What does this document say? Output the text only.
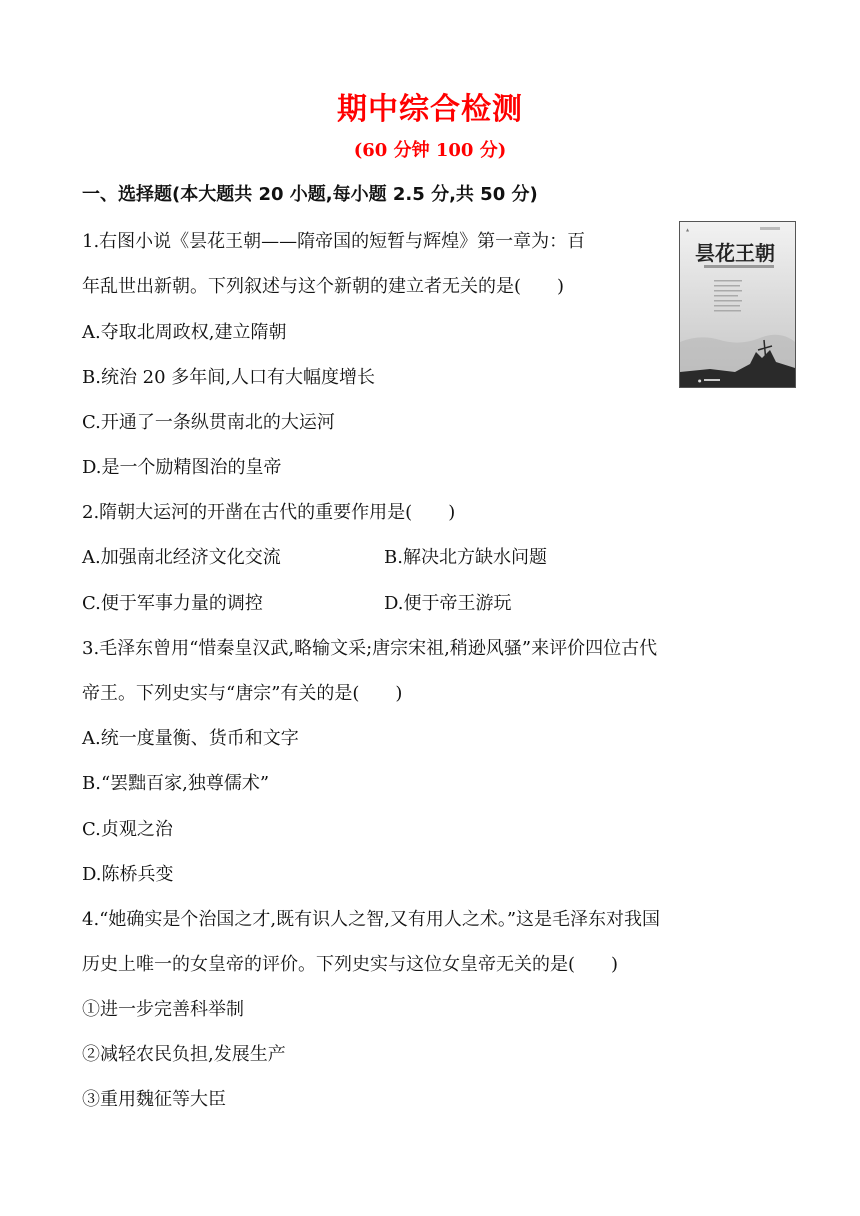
期中综合检测
(60 分钟 100 分)
一、选择题(本大题共 20 小题,每小题 2.5 分,共 50 分)
1.右图小说《昙花王朝——隋帝国的短暂与辉煌》第一章为：百
年乱世出新朝。下列叙述与这个新朝的建立者无关的是(　　)
A.夺取北周政权,建立隋朝
B.统治 20 多年间,人口有大幅度增长
C.开通了一条纵贯南北的大运河
D.是一个励精图治的皇帝
▲
昙花王朝
●
2.隋朝大运河的开凿在古代的重要作用是(　　)
A.加强南北经济文化交流	B.解决北方缺水问题
C.便于军事力量的调控	D.便于帝王游玩
3.毛泽东曾用“惜秦皇汉武,略输文采;唐宗宋祖,稍逊风骚”来评价四位古代
帝王。下列史实与“唐宗”有关的是(　　)
A.统一度量衡、货币和文字
B.“罢黜百家,独尊儒术”
C.贞观之治
D.陈桥兵变
4.“她确实是个治国之才,既有识人之智,又有用人之术。”这是毛泽东对我国
历史上唯一的女皇帝的评价。下列史实与这位女皇帝无关的是(　　)
①进一步完善科举制
②减轻农民负担,发展生产
③重用魏征等大臣
